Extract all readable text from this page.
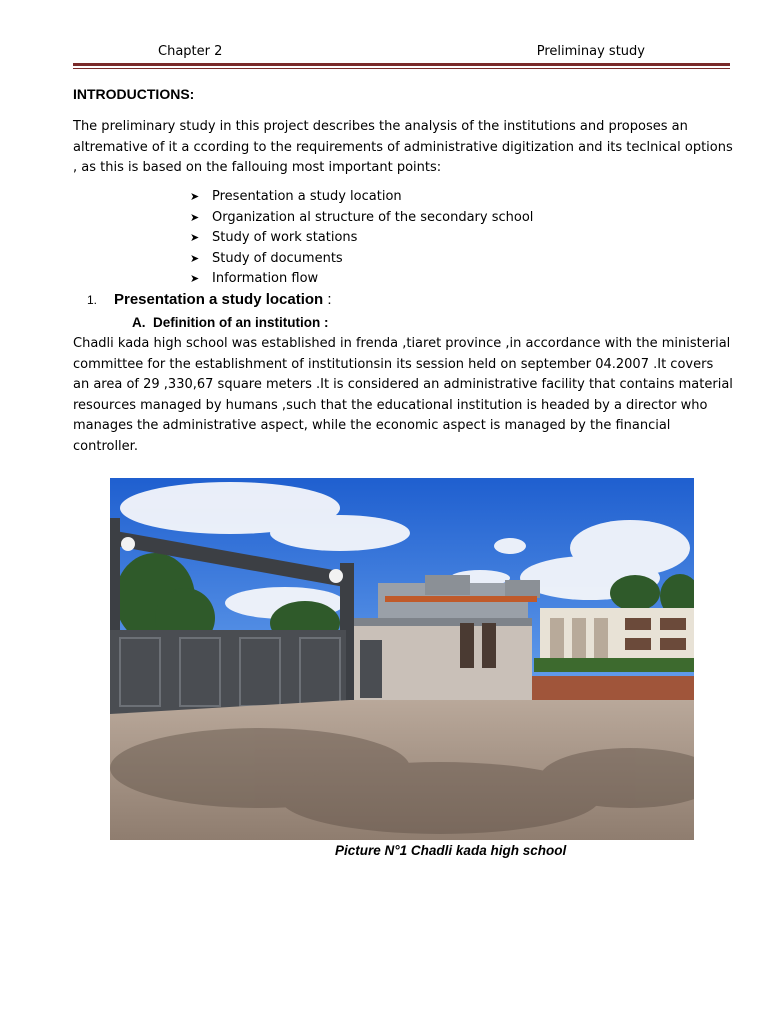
Chapter 2	Preliminay study
INTRODUCTIONS:
The preliminary study in this project describes the analysis of the institutions and proposes an altremative of it a ccording to the requirements of administrative digitization and its teclnical options , as this is based on the fallouing most important points:
➤ Presentation a study location
➤ Organization al structure of the secondary school
➤ Study of work stations
➤ Study of documents
➤ Information flow
1. Presentation a study location :
A. Definition of an institution :
Chadli kada high school was established in frenda ,tiaret province ,in accordance with the ministerial committee for the establishment of institutionsin its session held on september 04.2007 .It covers an area of 29 ,330,67 square meters .It is considered an administrative facility that contains material resources managed by humans ,such that the educational institution is headed by a director who manages the administrative aspect, while the economic aspect is managed by the financial controller.
Picture N°1 Chadli kada high school
